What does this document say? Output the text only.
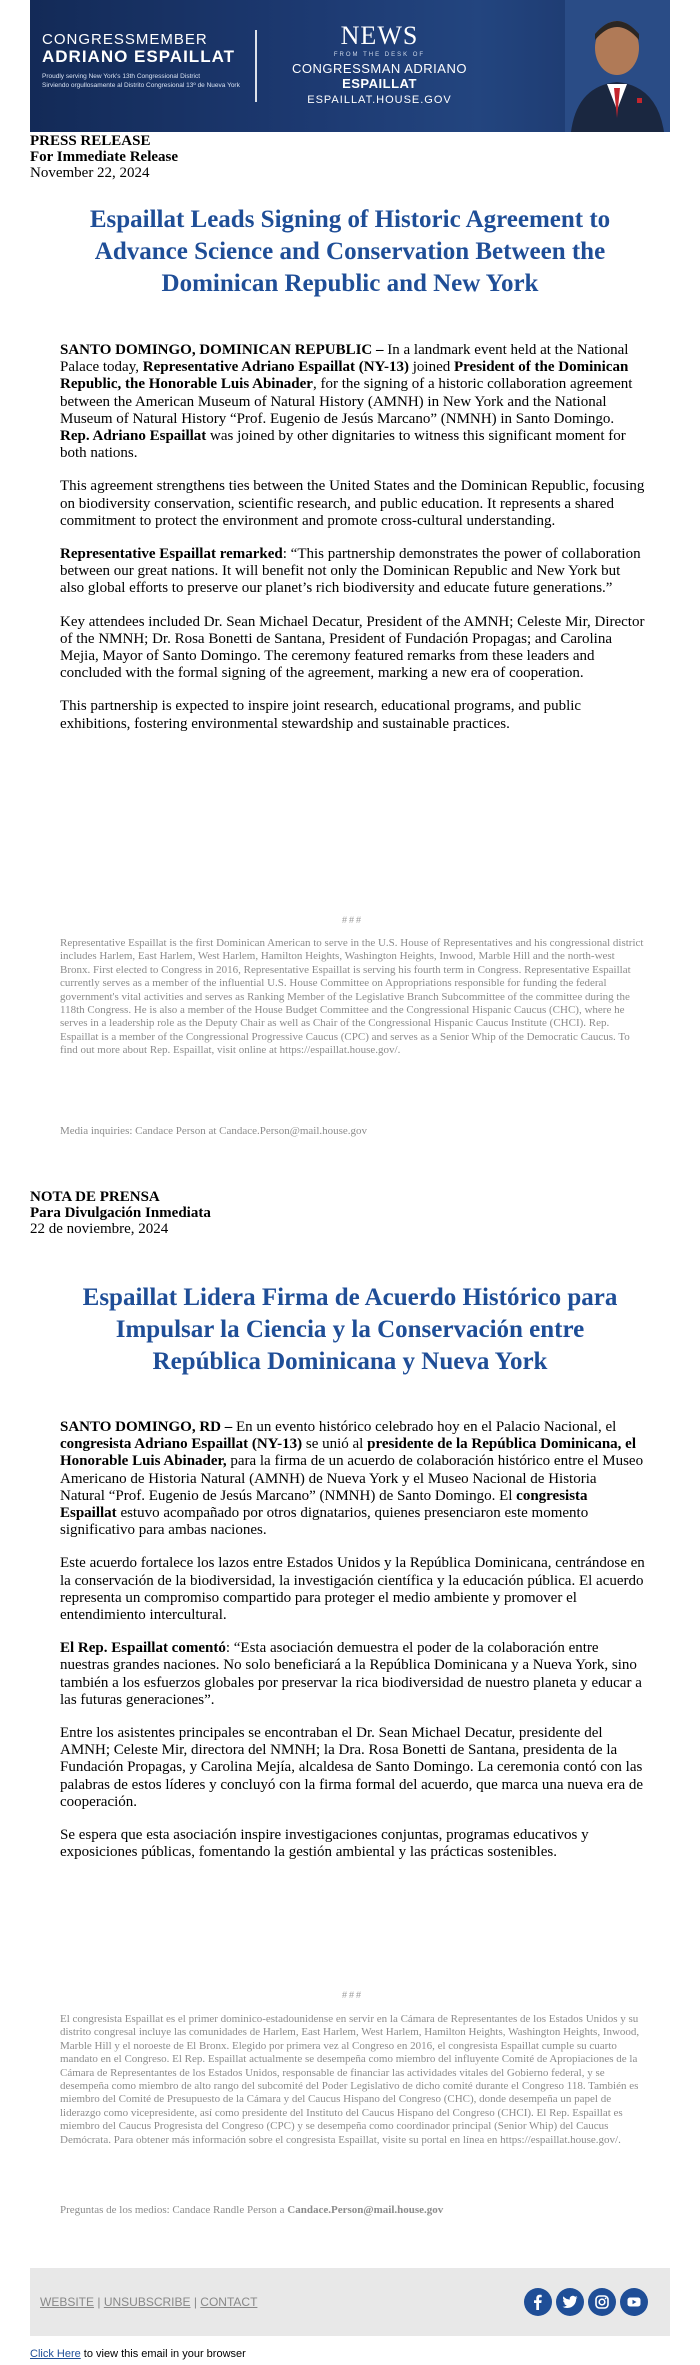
CONGRESSMEMBER
ADRIANO ESPAILLAT
Proudly serving New York's 13th Congressional District
Sirviendo orgullosamente al Distrito Congresional 13º de Nueva York
NEWS
FROM THE DESK OF
CONGRESSMAN ADRIANO ESPAILLAT
ESPAILLAT.HOUSE.GOV
PRESS RELEASE
For Immediate Release
November 22, 2024
Espaillat Leads Signing of Historic Agreement to Advance Science and Conservation Between the Dominican Republic and New York

SANTO DOMINGO, DOMINICAN REPUBLIC – In a landmark event held at the National Palace today, Representative Adriano Espaillat (NY-13) joined President of the Dominican Republic, the Honorable Luis Abinader, for the signing of a historic collaboration agreement between the American Museum of Natural History (AMNH) in New York and the National Museum of Natural History “Prof. Eugenio de Jesús Marcano” (NMNH) in Santo Domingo. Rep. Adriano Espaillat was joined by other dignitaries to witness this significant moment for both nations.

This agreement strengthens ties between the United States and the Dominican Republic, focusing on biodiversity conservation, scientific research, and public education. It represents a shared commitment to protect the environment and promote cross-cultural understanding.

Representative Espaillat remarked: “This partnership demonstrates the power of collaboration between our great nations. It will benefit not only the Dominican Republic and New York but also global efforts to preserve our planet’s rich biodiversity and educate future generations.”

Key attendees included Dr. Sean Michael Decatur, President of the AMNH; Celeste Mir, Director of the NMNH; Dr. Rosa Bonetti de Santana, President of Fundación Propagas; and Carolina Mejia, Mayor of Santo Domingo. The ceremony featured remarks from these leaders and concluded with the formal signing of the agreement, marking a new era of cooperation.

This partnership is expected to inspire joint research, educational programs, and public exhibitions, fostering environmental stewardship and sustainable practices.

###
Representative Espaillat is the first Dominican American to serve in the U.S. House of Representatives and his congressional district includes Harlem, East Harlem, West Harlem, Hamilton Heights, Washington Heights, Inwood, Marble Hill and the north-west Bronx. First elected to Congress in 2016, Representative Espaillat is serving his fourth term in Congress. Representative Espaillat currently serves as a member of the influential U.S. House Committee on Appropriations responsible for funding the federal government's vital activities and serves as Ranking Member of the Legislative Branch Subcommittee of the committee during the 118th Congress. He is also a member of the House Budget Committee and the Congressional Hispanic Caucus (CHC), where he serves in a leadership role as the Deputy Chair as well as Chair of the Congressional Hispanic Caucus Institute (CHCI). Rep. Espaillat is a member of the Congressional Progressive Caucus (CPC) and serves as a Senior Whip of the Democratic Caucus. To find out more about Rep. Espaillat, visit online at https://espaillat.house.gov/.
Media inquiries: Candace Person at Candace.Person@mail.house.gov
NOTA DE PRENSA
Para Divulgación Inmediata
22 de noviembre, 2024
Espaillat Lidera Firma de Acuerdo Histórico para Impulsar la Ciencia y la Conservación entre República Dominicana y Nueva York

SANTO DOMINGO, RD – En un evento histórico celebrado hoy en el Palacio Nacional, el congresista Adriano Espaillat (NY-13) se unió al presidente de la República Dominicana, el Honorable Luis Abinader, para la firma de un acuerdo de colaboración histórico entre el Museo Americano de Historia Natural (AMNH) de Nueva York y el Museo Nacional de Historia Natural “Prof. Eugenio de Jesús Marcano” (NMNH) de Santo Domingo. El congresista Espaillat estuvo acompañado por otros dignatarios, quienes presenciaron este momento significativo para ambas naciones.

Este acuerdo fortalece los lazos entre Estados Unidos y la República Dominicana, centrándose en la conservación de la biodiversidad, la investigación científica y la educación pública. El acuerdo representa un compromiso compartido para proteger el medio ambiente y promover el entendimiento intercultural.

El Rep. Espaillat comentó: “Esta asociación demuestra el poder de la colaboración entre nuestras grandes naciones. No solo beneficiará a la República Dominicana y a Nueva York, sino también a los esfuerzos globales por preservar la rica biodiversidad de nuestro planeta y educar a las futuras generaciones”.

Entre los asistentes principales se encontraban el Dr. Sean Michael Decatur, presidente del AMNH; Celeste Mir, directora del NMNH; la Dra. Rosa Bonetti de Santana, presidenta de la Fundación Propagas, y Carolina Mejía, alcaldesa de Santo Domingo. La ceremonia contó con las palabras de estos líderes y concluyó con la firma formal del acuerdo, que marca una nueva era de cooperación.

Se espera que esta asociación inspire investigaciones conjuntas, programas educativos y exposiciones públicas, fomentando la gestión ambiental y las prácticas sostenibles.

###
El congresista Espaillat es el primer dominico-estadounidense en servir en la Cámara de Representantes de los Estados Unidos y su distrito congresal incluye las comunidades de Harlem, East Harlem, West Harlem, Hamilton Heights, Washington Heights, Inwood, Marble Hill y el noroeste de El Bronx. Elegido por primera vez al Congreso en 2016, el congresista Espaillat cumple su cuarto mandato en el Congreso. El Rep. Espaillat actualmente se desempeña como miembro del influyente Comité de Apropiaciones de la Cámara de Representantes de los Estados Unidos, responsable de financiar las actividades vitales del Gobierno federal, y se desempeña como miembro de alto rango del subcomité del Poder Legislativo de dicho comité durante el Congreso 118. También es miembro del Comité de Presupuesto de la Cámara y del Caucus Hispano del Congreso (CHC), donde desempeña un papel de liderazgo como vicepresidente, así como presidente del Instituto del Caucus Hispano del Congreso (CHCI). El Rep. Espaillat es miembro del Caucus Progresista del Congreso (CPC) y se desempeña como coordinador principal (Senior Whip) del Caucus Demócrata. Para obtener más información sobre el congresista Espaillat, visite su portal en línea en https://espaillat.house.gov/.
Preguntas de los medios: Candace Randle Person a Candace.Person@mail.house.gov
WEBSITE | UNSUBSCRIBE | CONTACT
Click Here to view this email in your browser
